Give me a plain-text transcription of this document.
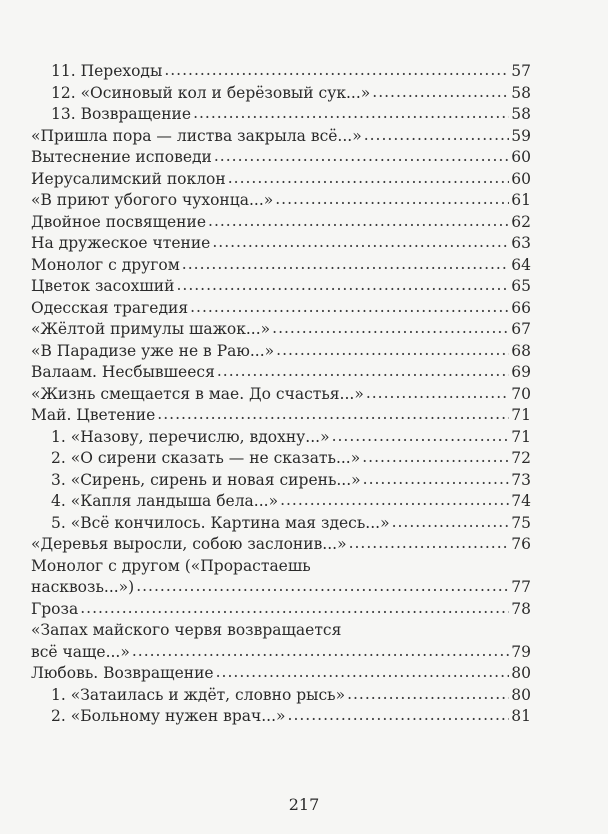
11. Переходы .....	57
12. «Осиновый кол и берёзовый сук...» .....	58
13. Возвращение .....	58
«Пришла пора — листва закрыла всё...» .....	59
Вытеснение исповеди .....	60
Иерусалимский поклон .....	60
«В приют убогого чухонца...» .....	61
Двойное посвящение .....	62
На дружеское чтение .....	63
Монолог с другом .....	64
Цветок засохший .....	65
Одесская трагедия .....	66
«Жёлтой примулы шажок...» .....	67
«В Парадизе уже не в Раю...» .....	68
Валаам. Несбывшееся .....	69
«Жизнь смещается в мае. До счастья...» .....	70
Май. Цветение .....	71
1. «Назову, перечислю, вдохну...» .....	71
2. «О сирени сказать — не сказать...» .....	72
3. «Сирень, сирень и новая сирень...» .....	73
4. «Капля ландыша бела...» .....	74
5. «Всё кончилось. Картина мая здесь...» .....	75
«Деревья выросли, собою заслонив...» .....	76
Монолог с другом («Прорастаешь
насквозь...») .....	77
Гроза .....	78
«Запах майского червя возвращается
всё чаще...» .....	79
Любовь. Возвращение .....	80
1. «Затаилась и ждёт, словно рысь» .....	80
2. «Больному нужен врач...» .....	81
217
